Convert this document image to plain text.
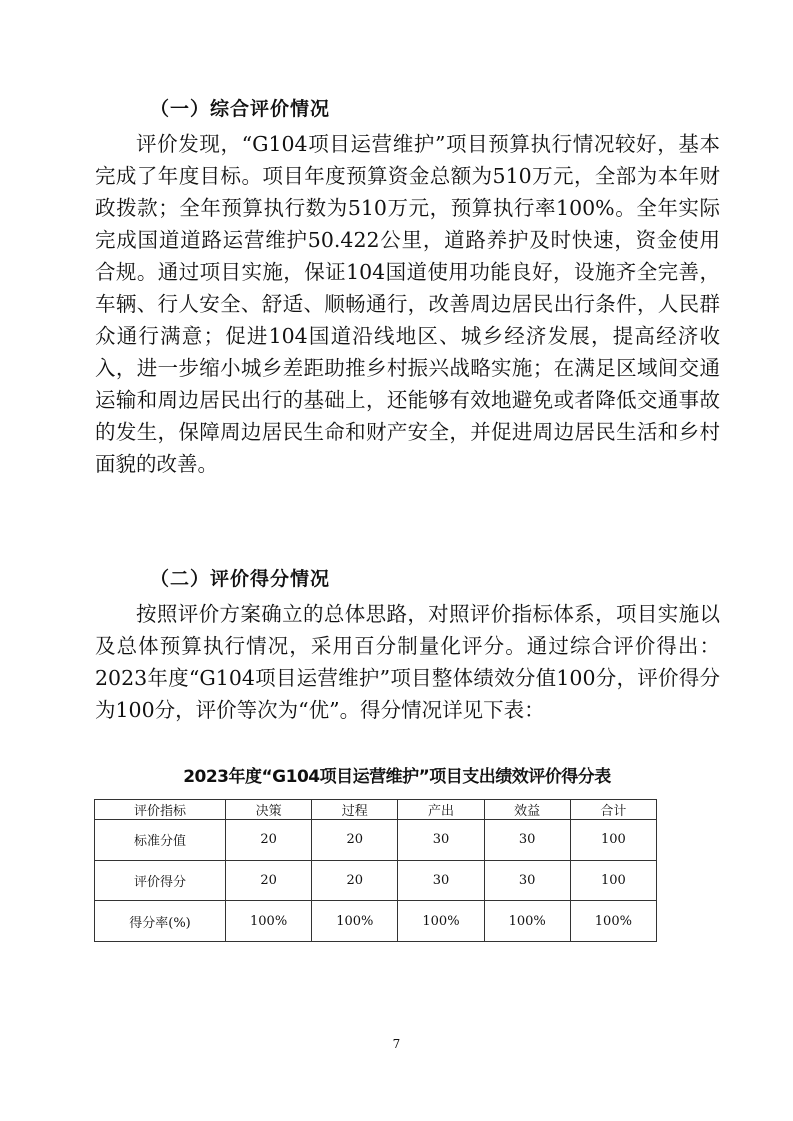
（一）综合评价情况

评价发现，“G104项目运营维护”项目预算执行情况较好，基本完成了年度目标。项目年度预算资金总额为510万元，全部为本年财政拨款；全年预算执行数为510万元，预算执行率100%。全年实际完成国道道路运营维护50.422公里，道路养护及时快速，资金使用合规。通过项目实施，保证104国道使用功能良好，设施齐全完善，车辆、行人安全、舒适、顺畅通行，改善周边居民出行条件，人民群众通行满意；促进104国道沿线地区、城乡经济发展，提高经济收入，进一步缩小城乡差距助推乡村振兴战略实施；在满足区域间交通运输和周边居民出行的基础上，还能够有效地避免或者降低交通事故的发生，保障周边居民生命和财产安全，并促进周边居民生活和乡村面貌的改善。

（二）评价得分情况

按照评价方案确立的总体思路，对照评价指标体系，项目实施以及总体预算执行情况，采用百分制量化评分。通过综合评价得出：2023年度“G104项目运营维护”项目整体绩效分值100分，评价得分为100分，评价等次为“优”。得分情况详见下表：

2023年度“G104项目运营维护”项目支出绩效评价得分表
评价指标	决策	过程	产出	效益	合计
标准分值	20	20	30	30	100
评价得分	20	20	30	30	100
得分率(%)	100%	100%	100%	100%	100%
7
